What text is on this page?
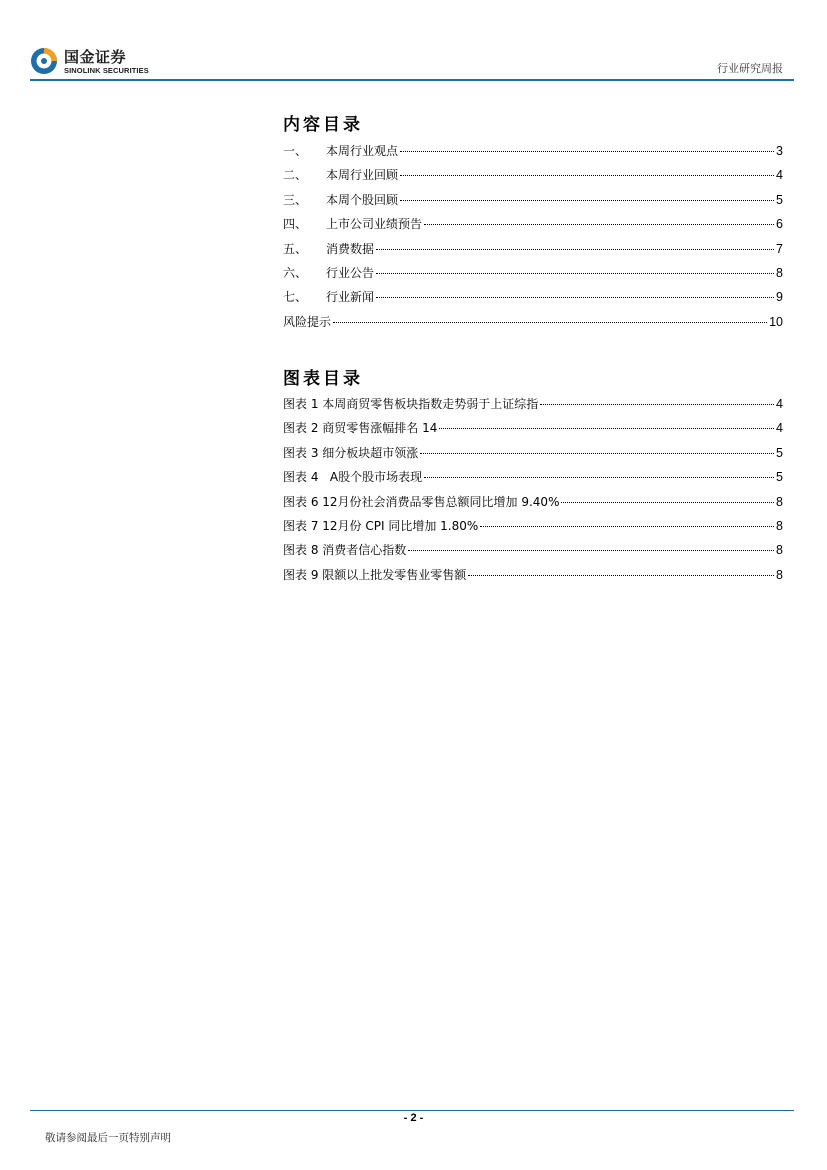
国金证券
SINOLINK SECURITIES	行业研究周报
内容目录
一、	本周行业观点	3
二、	本周行业回顾	4
三、	本周个股回顾	5
四、	上市公司业绩预告	6
五、	消费数据	7
六、	行业公告	8
七、	行业新闻	9
风险提示	10
图表目录
图表 1 本周商贸零售板块指数走势弱于上证综指	4
图表 2 商贸零售涨幅排名 14	4
图表 3 细分板块超市领涨	5
图表 4   A股个股市场表现	5
图表 6 12月份社会消费品零售总额同比增加 9.40%	8
图表 7 12月份 CPI 同比增加 1.80%	8
图表 8 消费者信心指数	8
图表 9 限额以上批发零售业零售额	8
- 2 -
敬请参阅最后一页特别声明
